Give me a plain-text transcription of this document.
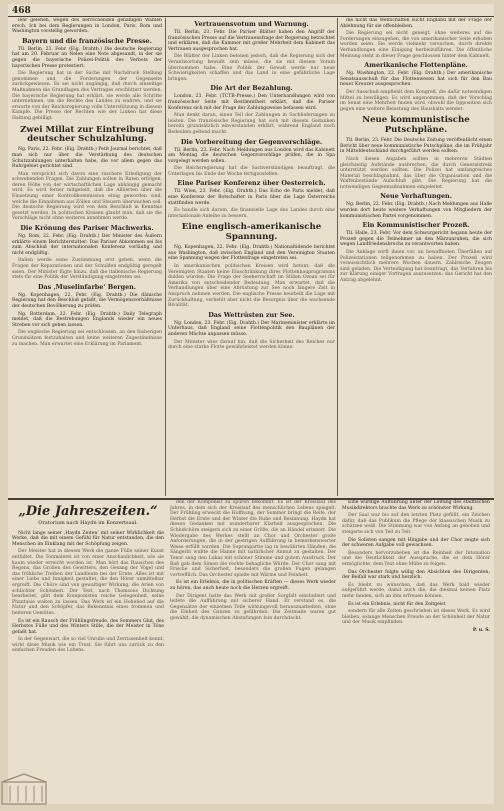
468

iehr gelehen, wegen des herrschenden gehäßigen Wahlen ersch. Ich bei dem Reglerungen in London, Paris, Rom und Washington vorstellig geworden.

Bayern und die französische Presse.

Tll. Berlin, 23. Febr. (Eig. Drahtb.) Die deutsche Regierung hat am 20. Februar an Nelen eine Note abgesandt, in der sie gegen die bayerische Polizei-Politik des Verbots der bayerischen Presse protestiert.

Die Regierung hat in der Sache mit Nachdruck Stellung genommen und die Forderungen der Gegenseite zurückgewiesen. Es sei nicht angängig, daß durch einseitige Maßnahmen die Grundlagen des Vertrages erschüttert werden. Die bayerische Regierung hat erklärt, sie werde alle Schritte unternehmen, um die Rechte des Landes zu wahren, und sie erwarte von der Reichsregierung volle Unterstützung in diesem Kampfe. Die Presse der Rechten wie der Linken hat diese Haltung gebilligt.

Zwei Millat zur Eintreibung deutscher Schulzahlung.

Ng. Paris, 22. Febr. (Eig. Drahtb.) Petit Journal berichtet, daß man sich nur über die Verstärkung des deutschen Schutzzahlungen unterhalten habe, die vor allem gegen das Ruhrgebiet gerichtet sind.

Man verspricht sich davon eine raschere Erledigung der schwebenden Fragen. Die Zahlungen sollen in Raten erfolgen, deren Höhe von der wirtschaftlichen Lage abhängig gemacht wird. Es wird ferner mitgeteilt, daß die Alliierten über die Einsetzung einer Kontrollkommission einig geworden sind, welche die Einnahmen aus Zöllen und Steuern überwachen soll. Die deutsche Regierung wird von dem Beschluß in Kenntnis gesetzt werden. In politischen Kreisen glaubt man, daß sie die Vorschläge nicht ohne weiteres annehmen werde.

Die Krönung des Pariser Machwerks.

Ng. Rom, 22. Febr. (Eig. Drahtb.) Der Minister des Äußern erklärte einem Berichterstatter: Das Pariser Abkommen sei bis zum Abschluß der internationalen Konferenz vorläufig und nicht endgültig.

Italien werde seine Zustimmung erst geben, wenn die Fragen der Reparationen und der Schulden endgültig geregelt seien. Der Minister fügte hinzu, daß die italienische Regierung stets für eine Politik der Verständigung eingetreten sei.

Das ‚Muselinfarbe‘ Bergen.

Ng. Kopenhagen, 22. Febr. (Eig. Drahtb.) Die dänische Regierung hat den Beschluß gefaßt, die Vermögensverhältnisse der deutschen Bevölkerung zu prüfen.

Ng. Rotterdam, 22. Febr. (Eig. Drahtb.) Daily Telegraph meldet, daß die Bestrebungen Englands wieder ein neues Streben vor sich gehen lassen.

Die englische Regierung sei entschlossen, an den bisherigen Grundsätzen festzuhalten und keine weiteren Zugeständnisse zu machen. Man erwartet eine Erklärung im Parlament.

Vertrauensvotum und Warnung.

Tll. Berlin, 23. Febr. Die Pariser Blätter haben den Angriff der französischen Presse auf die Vertrauensfrage der Regierung betrachtet und erklären, daß die Kammer mit großer Mehrheit dem Kabinett das Vertrauen ausgesprochen hat.

Die Blätter der Linken betonen jedoch, daß die Regierung sich der Verantwortung bewußt sein müsse, die sie mit diesem Votum übernommen habe. Eine Politik der Gewalt werde nur neue Schwierigkeiten schaffen und das Land in eine gefährliche Lage bringen.

Die Art der Bezahlung.

London, 23. Febr. (TCTB-Presse.) Den Unterhandlungen wird von französischer Seite mit Bestimmtheit erklärt, daß die Pariser Konferenz sich mit der Frage der Zahlungsweise befassen wird.

Man denkt daran, einen Teil der Zahlungen in Sachlieferungen zu leisten. Die französische Regierung hat sich mit diesem Gedanken bereits grundsätzlich einverstanden erklärt, während England noch Bedenken geltend macht.

Die Vorbereitung der Gegenvorschläge.

Tll. Berlin, 23. Febr. Nach Meldungen aus London wird das Kabinett am Montag die deutschen Gegenvorschläge prüfen, die in Spa vorgelegt werden sollen.

Die Reichsregierung hat die Sachverständigen beauftragt, die Unterlagen bis Ende der Woche fertigzustellen.

Eine Pariser Konferenz über Oesterreich.

Tll. Wien, 23. Febr. (Eig. Drahtb.) Das Echo de Paris meldet, daß eine Konferenz der Botschafter in Paris über die Lage Österreichs stattfinden werde.

Es handle sich darum, die finanzielle Lage des Landes durch eine internationale Anleihe zu bessern.

Eine englisch-amerikanische Spannung.

Ng. Kopenhagen, 22. Febr. (Eig. Drahtb.) Nationaltidende berichtet aus Washington, daß zwischen England und den Vereinigten Staaten eine Spannung wegen der Flottenfrage eingetreten sei.

In amerikanischen politischen Kreisen wird betont, daß die Vereinigten Staaten keine Einschränkung ihres Flottenbauprogramms dulden würden. Die Frage der Seeherrschaft im Stillen Ozean sei für Amerika von entscheidender Bedeutung. Man erwartet, daß die Verhandlungen über eine Abrüstung zur See noch längere Zeit in Anspruch nehmen werden. Die englische Presse beurteilt die Lage mit Zurückhaltung, verhehlt aber nicht die Besorgnis über die wachsende Rivalität.

Das Wettrüsten zur See.

Ng. London, 23. Febr. (Eig. Drahtb.) Der Marineminister erklärte im Unterhaus, daß England seine Flottenpolitik den Bauplänen der anderen Mächte anpassen müsse.

Der Minister wies darauf hin, daß die Sicherheit des Reiches nur durch eine starke Flotte gewährleistet werden könne.

die nicht das Weltschaffen sucht England mit der Frage der Ablehnung für sie offenbleiben.

Die Regierung sei nicht geneigt, ohne weiteres auf die Forderungen einzugehen, die von amerikanischer Seite erhoben worden seien. Sie werde vielmehr versuchen, durch direkte Verhandlungen eine Einigung herbeizuführen. Die öffentliche Meinung steht in dieser Frage geschlossen hinter dem Kabinett.

Amerikanische Flottenpläne.

Ng. Washington, 22. Febr. (Eig. Drahtb.) Der amerikanische Senatsausschuß für das Flottenwesen hat sich für den Bau neuer Kreuzer ausgesprochen.

Der Ausschuß empfiehlt dem Kongreß, die dafür notwendigen Mittel zu bewilligen. Es wird angenommen, daß der Vorschlag im Senat eine Mehrheit finden wird, obwohl die Opposition sich gegen eine weitere Belastung des Haushalts wendet.

Neue kommunistische Putschpläne.

Tll. Berlin, 23. Febr. Die Deutsche Zeitung veröffentlicht einen Bericht über neue kommunistische Putschpläne, die im Frühjahr in Mitteldeutschland durchgeführt werden sollten.

Nach diesen Angaben sollten in mehreren Städten gleichzeitig Aufstände ausbrechen, die durch Generalstreik unterstützt werden sollten. Die Polizei hat umfangreiches Material beschlagnahmt, das über die Organisation und die Waffenbestände Aufschluß gibt. Die Regierung hat die notwendigen Gegenmaßnahmen eingeleitet.

Neue Verhaftungen.

Ng. Berlin, 22. Febr. (Eig. Drahtb.) Nach Meldungen aus Halle wurden dort heute weitere Verhaftungen von Mitgliedern der kommunistischen Partei vorgenommen.

Ein Kommunistischer Prozeß.

Tll. Halle, 23. Febr. Vor dem Schwurgericht begann heute der Prozeß gegen die Teilnehmer an den Märzunruhen, die sich wegen Landfriedensbruchs zu verantworten haben.

Die Anklage wirft ihnen vor, an bewaffneten Überfällen auf Polizeistationen teilgenommen zu haben. Der Prozeß wird voraussichtlich mehrere Wochen dauern. Zahlreiche Zeugen sind geladen. Die Verteidigung hat beantragt, das Verfahren bis zur Klärung einiger Vorfragen auszusetzen; das Gericht hat den Antrag abgelehnt.

„Die Jahreszeiten.“
Oratorium nach Haydn im Konzertsaal.

Nicht lange seiner ‚Haydn Zeiten‘ mit seiner Wirklichkeit die Werke, daß die mit einem Gefühl für Natur entstanden, die den Menschen im Einklang mit der Schöpfung zeigen.

Der Meister hat in diesem Werk die ganze Fülle seiner Kunst entfaltet. Die Tonmalerei ist von einer Anschaulichkeit, wie sie kaum wieder erreicht worden ist. Man hört das Rauschen des Regens, das Grollen des Gewitters, den Gesang der Vögel und das fröhliche Treiben der Landleute bei der Ernte. Alles ist mit einer Liebe und Innigkeit gestaltet, die den Hörer unmittelbar ergreift. Die Chöre sind von gewaltiger Wirkung, die Arien von schlichter Schönheit. Der Text, nach Thomsons Dichtung bearbeitet, gibt dem Komponisten reiche Gelegenheit, seine Phantasie walten zu lassen. Das Werk ist ein Hohelied auf die Natur und den Schöpfer, das Bekenntnis eines frommen und heiteren Gemütes.

Es ist ein Rausch der Frühlingsfreude, des Sommers Glut, des Herbstes Fülle und des Winters Stille, die der Meister in Töne gefaßt hat.

In der Gegenwart, die so viel Unruhe und Zerrissenheit kennt, wirkt diese Musik wie ein Trost. Sie führt uns zurück zu den einfachen Freuden des Lebens.

den der Komponist zu spüren bekommt. Es ist der Kreislauf des Jahres, in dem sich der Kreislauf des menschlichen Lebens spiegelt. Der Frühling erweckt die Hoffnung, der Sommer bringt die Reife, der Herbst die Ernte und der Winter die Ruhe und Besinnung. Haydn hat diesen Gedanken mit wunderbarer Klarheit ausgesprochen. Die Schlußchöre steigern sich zu einer Größe, die an Händel erinnert. Die Wiedergabe des Werkes stellt an Chor und Orchester große Anforderungen, die in der gestrigen Aufführung in bemerkenswerter Weise erfüllt wurden. Die Sopranpartie lag in bewährten Händen; die Sängerin wußte die Hanne mit natürlicher Anmut zu gestalten. Der Tenor sang den Lukas mit schöner Stimme und gutem Ausdruck. Der Baß gab dem Simon die rechte behagliche Würde. Der Chor sang mit Frische und Sicherheit, besonders die großen Fugen gelangen vortrefflich. Das Orchester spielte mit Wärme und Feinheit.

Es ist ein Erlebnis, die in politischen Kräften — dieses Werk wieder zu hören, das auch heute noch die Herzen ergreift.

Der Dirigent hatte das Werk mit großer Sorgfalt einstudiert und leitete die Aufführung mit sicherer Hand. Er verstand es, die Gegensätze der einzelnen Teile wirkungsvoll herauszuarbeiten, ohne die Einheit des Ganzen zu gefährden. Die Zeitmaße waren gut gewählt, die dynamischen Abstufungen fein durchdacht.

Eine würdige Aufführung unter der Leitung des städtischen Musikdirektors brachte das Werk zu schönster Wirkung.

Der Saal war bis auf den letzten Platz gefüllt, ein Zeichen dafür, daß das Publikum die Pflege der klassischen Musik zu schätzen weiß. Die Stimmung war von Anfang an gehoben und steigerte sich von Teil zu Teil.

Die Solisten sangen mit Hingabe und der Chor zeigte sich der schweren Aufgabe voll gewachsen.

Besonders hervorzuheben ist die Reinheit der Intonation und die Deutlichkeit der Aussprache, die es dem Hörer ermöglichte, dem Text ohne Mühe zu folgen.

Das Orchester folgte willig den Absichten des Dirigenten; der Beifall war stark und herzlich.

Es bleibt zu wünschen, daß das Werk bald wieder aufgeführt werde, damit auch die, die diesmal keinen Platz mehr fanden, sich an ihm erfreuen können.

Es ist ein Erlebnis, nicht für den Zeitgeist

sondern für alle Zeiten geschrieben ist dieses Werk. Es wird bleiben, solange Menschen Freude an der Schönheit der Natur und der Musik empfinden.

P. u. S.
